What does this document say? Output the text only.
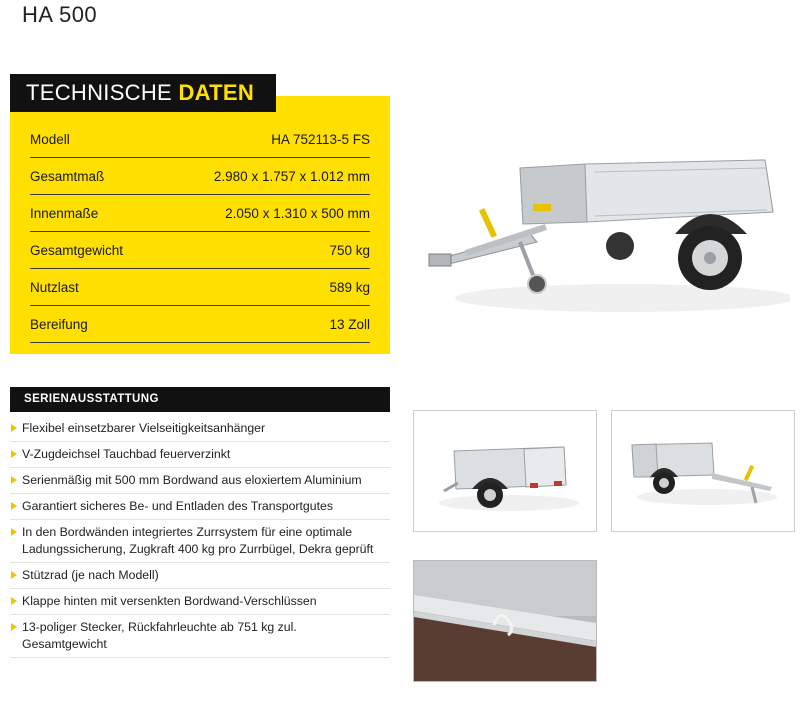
HA 500
TECHNISCHE DATEN
Modell	HA 752113-5 FS
Gesamtmaß	2.980 x 1.757 x 1.012 mm
Innenmaße	2.050 x 1.310 x 500 mm
Gesamtgewicht	750 kg
Nutzlast	589 kg
Bereifung	13 Zoll
SERIENAUSSTATTUNG
Flexibel einsetzbarer Vielseitigkeitsanhänger
V-Zugdeichsel Tauchbad feuerverzinkt
Serienmäßig mit 500 mm Bordwand aus eloxiertem Aluminium
Garantiert sicheres Be- und Entladen des Transportgutes
In den Bordwänden integriertes Zurrsystem für eine optimale Ladungssicherung, Zugkraft 400 kg pro Zurrbügel, Dekra geprüft
Stützrad (je nach Modell)
Klappe hinten mit versenkten Bordwand-Verschlüssen
13-poliger Stecker, Rückfahrleuchte ab 751 kg zul. Gesamtgewicht
